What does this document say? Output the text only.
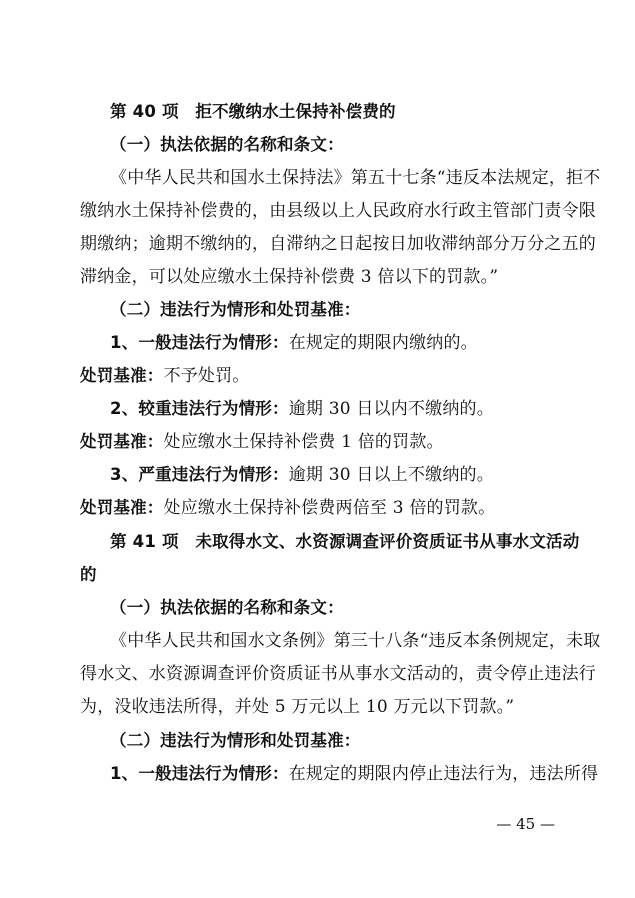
第 40 项　拒不缴纳水土保持补偿费的
（一）执法依据的名称和条文：
《中华人民共和国水土保持法》第五十七条“违反本法规定，拒不
缴纳水土保持补偿费的，由县级以上人民政府水行政主管部门责令限
期缴纳；逾期不缴纳的，自滞纳之日起按日加收滞纳部分万分之五的
滞纳金，可以处应缴水土保持补偿费 3 倍以下的罚款。”
（二）违法行为情形和处罚基准：
1、一般违法行为情形：在规定的期限内缴纳的。
处罚基准：不予处罚。
2、较重违法行为情形：逾期 30 日以内不缴纳的。
处罚基准：处应缴水土保持补偿费 1 倍的罚款。
3、严重违法行为情形：逾期 30 日以上不缴纳的。
处罚基准：处应缴水土保持补偿费两倍至 3 倍的罚款。
第 41 项　未取得水文、水资源调查评价资质证书从事水文活动
的
（一）执法依据的名称和条文：
《中华人民共和国水文条例》第三十八条“违反本条例规定，未取
得水文、水资源调查评价资质证书从事水文活动的，责令停止违法行
为，没收违法所得，并处 5 万元以上 10 万元以下罚款。”
（二）违法行为情形和处罚基准：
1、一般违法行为情形：在规定的期限内停止违法行为，违法所得
— 45 —
